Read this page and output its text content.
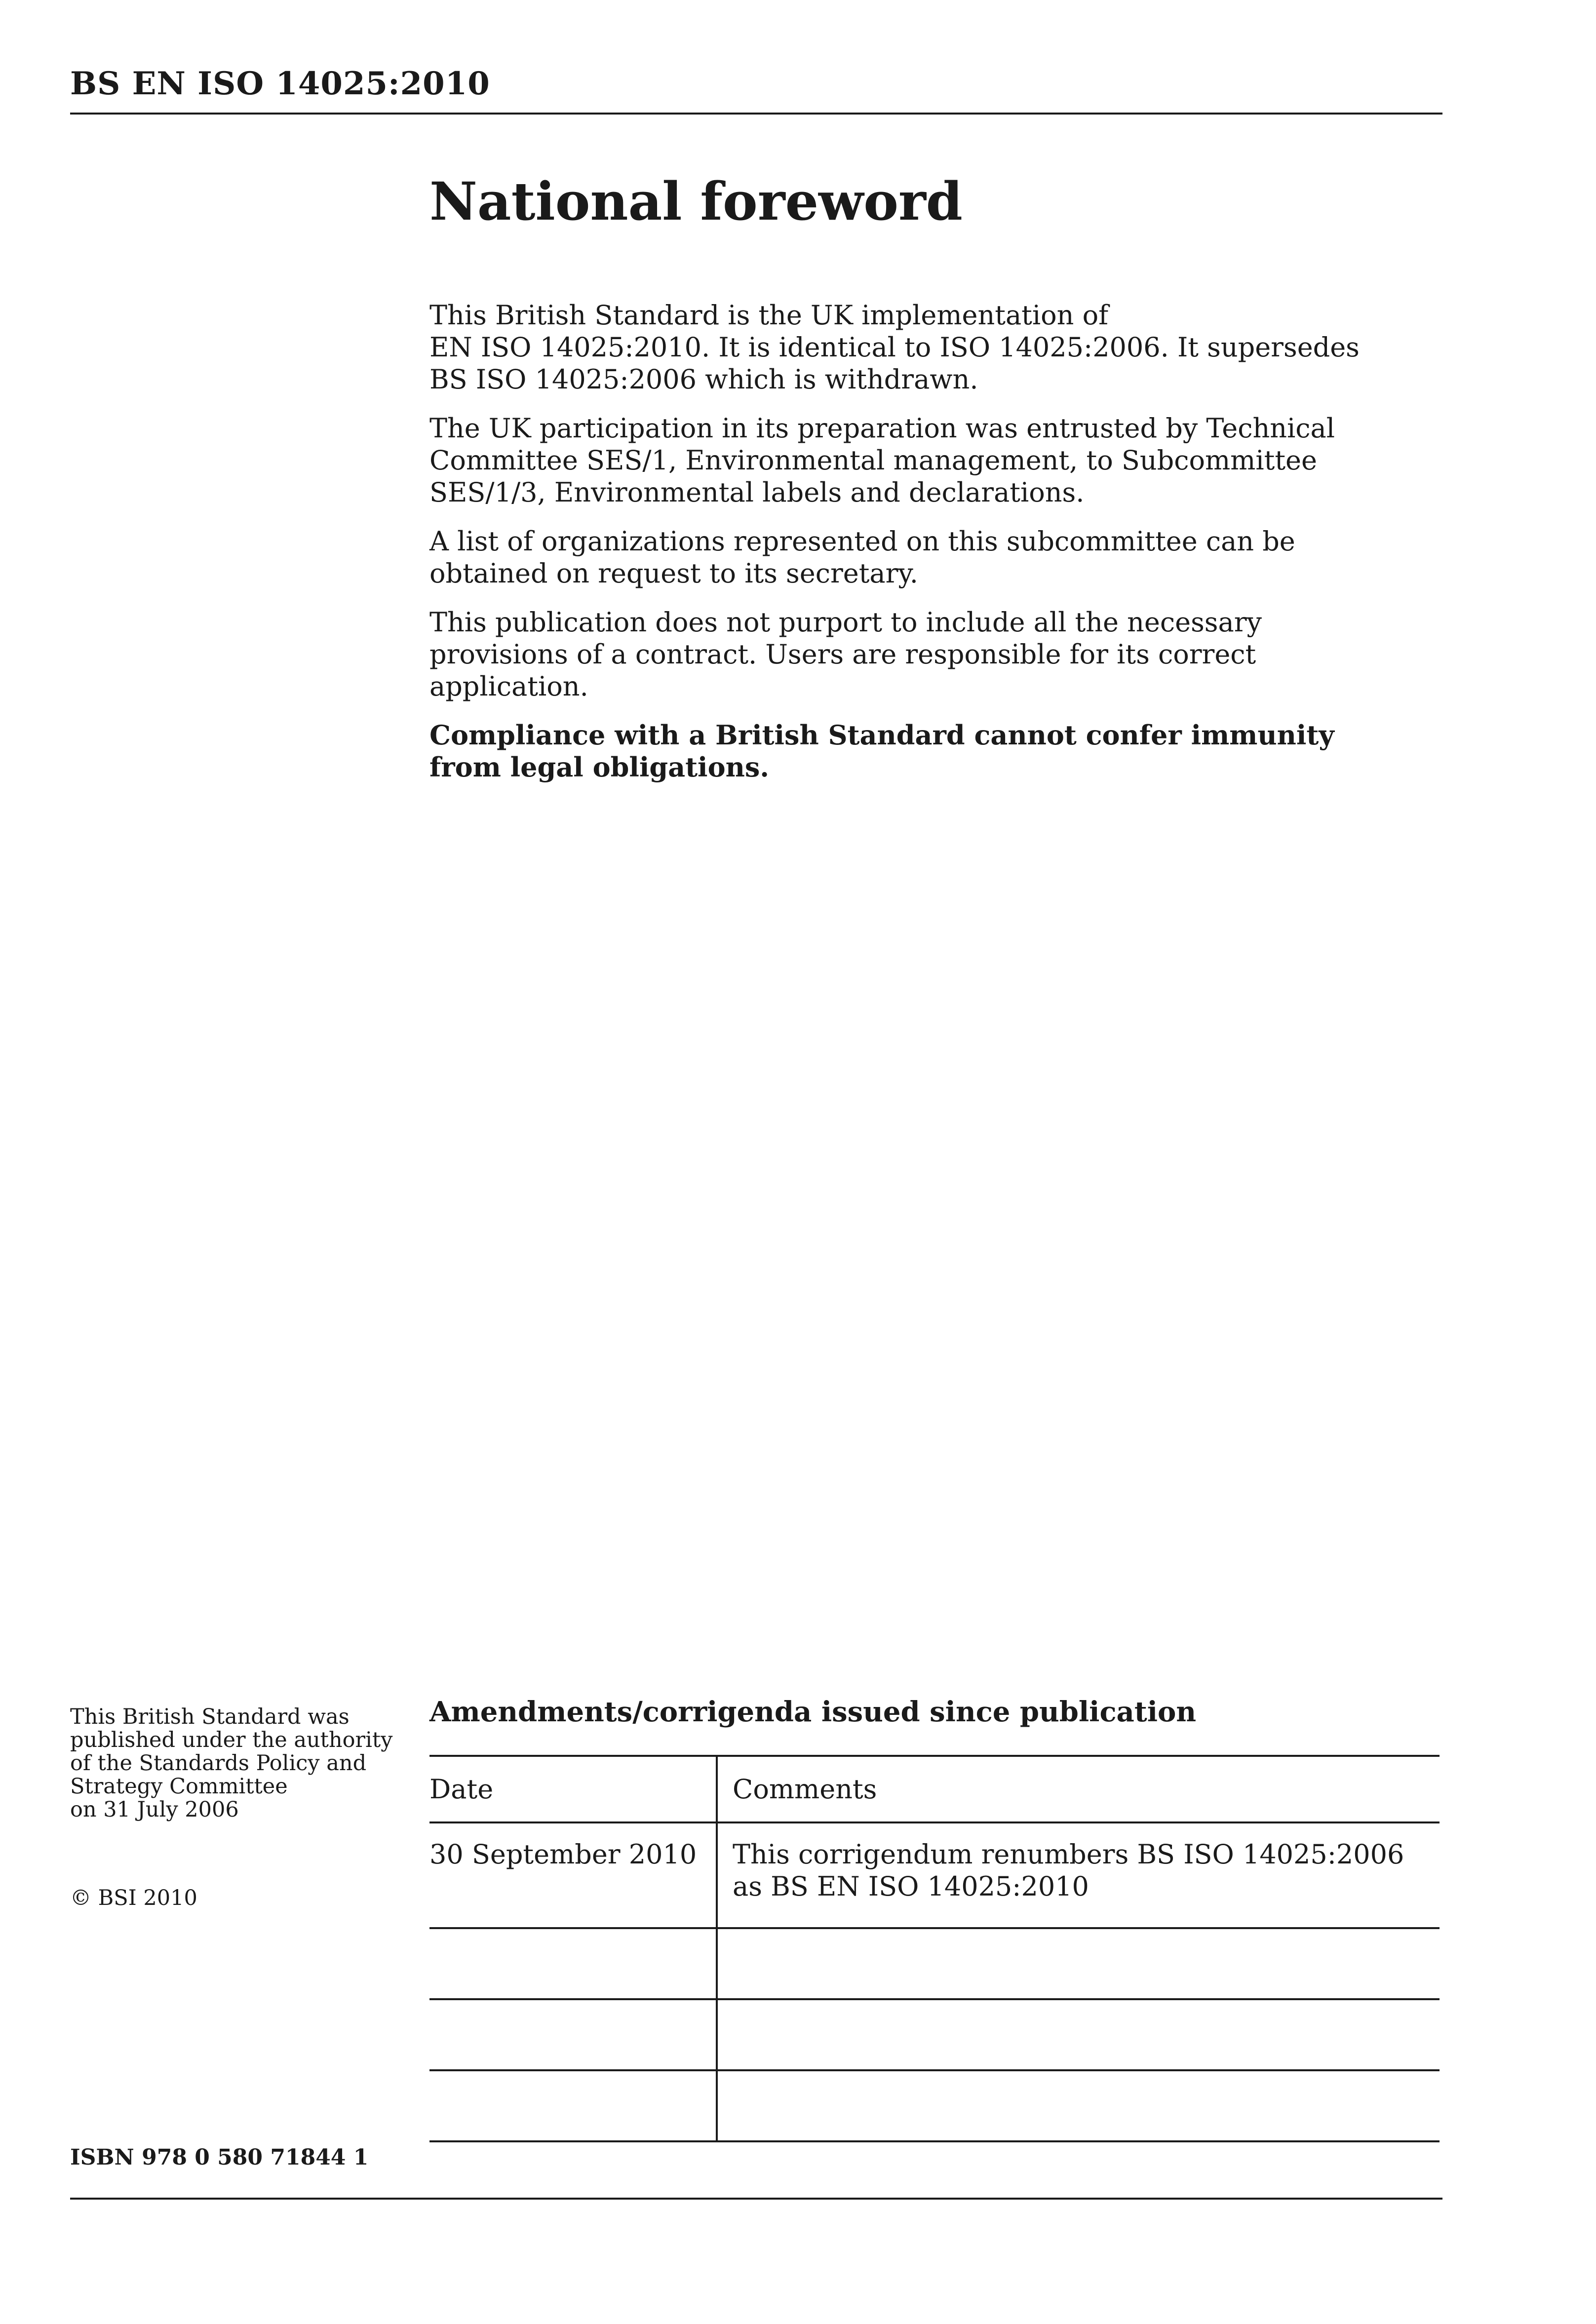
BS EN ISO 14025:2010
National foreword

This British Standard is the UK implementation of
EN ISO 14025:2010. It is identical to ISO 14025:2006. It supersedes
BS ISO 14025:2006 which is withdrawn.

The UK participation in its preparation was entrusted by Technical
Committee SES/1, Environmental management, to Subcommittee
SES/1/3, Environmental labels and declarations.

A list of organizations represented on this subcommittee can be
obtained on request to its secretary.

This publication does not purport to include all the necessary
provisions of a contract. Users are responsible for its correct
application.

Compliance with a British Standard cannot confer immunity
from legal obligations.

This British Standard was
published under the authority
of the Standards Policy and
Strategy Committee
on 31 July 2006
© BSI 2010
ISBN 978 0 580 71844 1
Amendments/corrigenda issued since publication
Date	Comments
30 September 2010	This corrigendum renumbers BS ISO 14025:2006
as BS EN ISO 14025:2010
